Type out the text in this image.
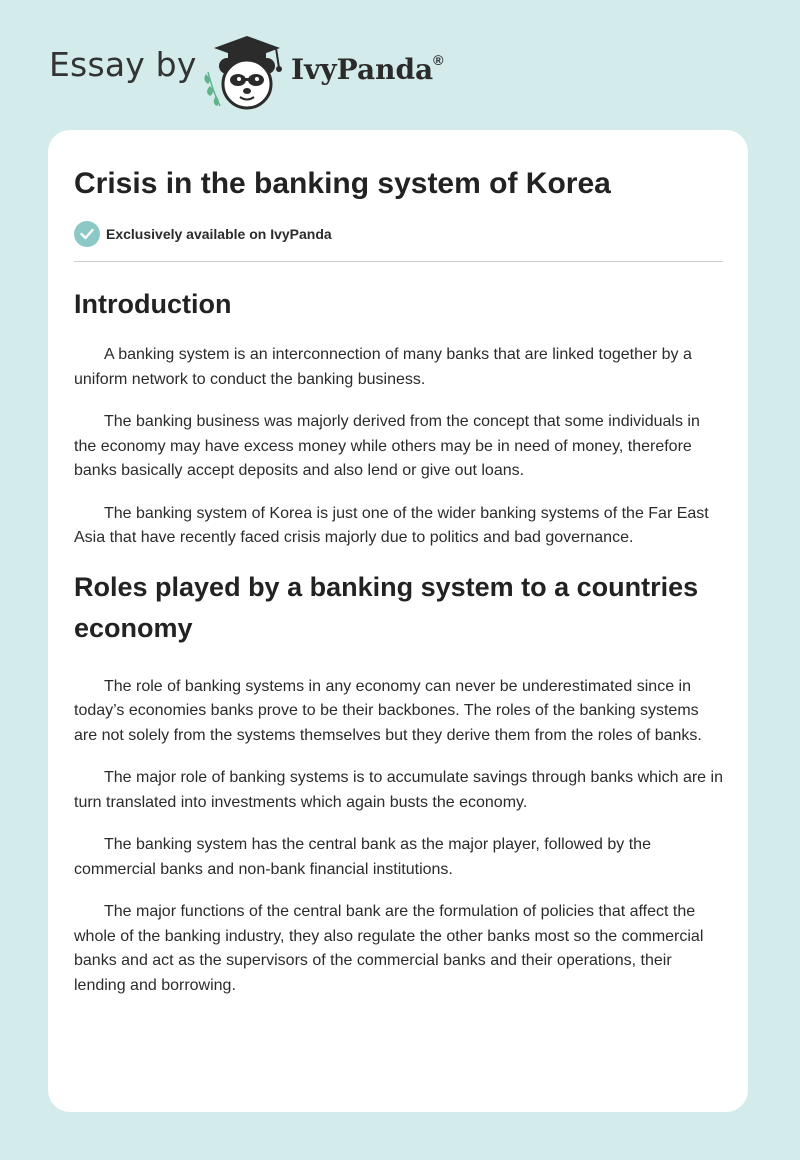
Essay by	IvyPanda®
Crisis in the banking system of Korea
Exclusively available on IvyPanda
Introduction

A banking system is an interconnection of many banks that are linked together by a uniform network to conduct the banking business.

The banking business was majorly derived from the concept that some individuals in the economy may have excess money while others may be in need of money, therefore banks basically accept deposits and also lend or give out loans.

The banking system of Korea is just one of the wider banking systems of the Far East Asia that have recently faced crisis majorly due to politics and bad governance.

Roles played by a banking system to a countries economy

The role of banking systems in any economy can never be underestimated since in today’s economies banks prove to be their backbones. The roles of the banking systems are not solely from the systems themselves but they derive them from the roles of banks.

The major role of banking systems is to accumulate savings through banks which are in turn translated into investments which again busts the economy.

The banking system has the central bank as the major player, followed by the commercial banks and non-bank financial institutions.

The major functions of the central bank are the formulation of policies that affect the whole of the banking industry, they also regulate the other banks most so the commercial banks and act as the supervisors of the commercial banks and their operations, their lending and borrowing.
